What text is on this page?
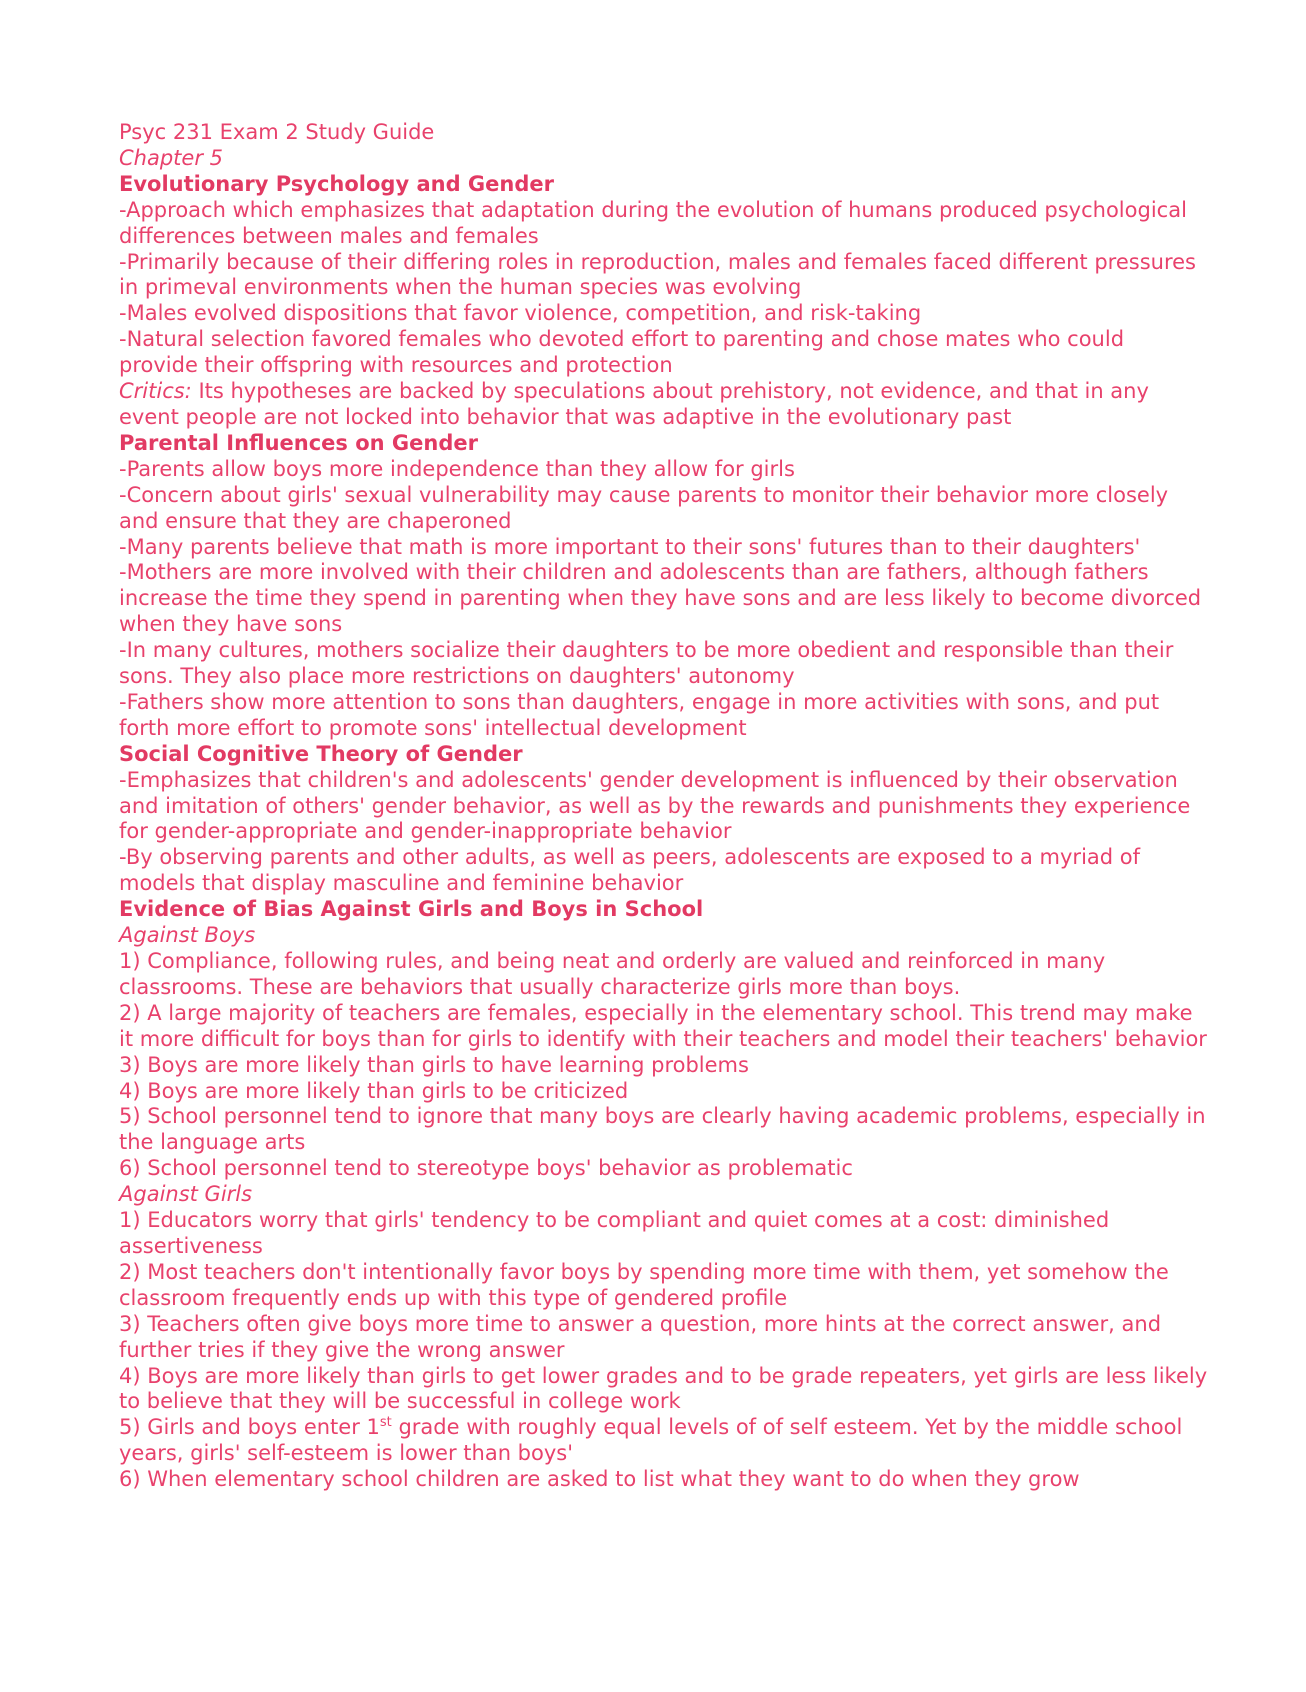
Psyc 231 Exam 2 Study Guide

Chapter 5

Evolutionary Psychology and Gender

-Approach which emphasizes that adaptation during the evolution of humans produced psychological differences between males and females

-Primarily because of their differing roles in reproduction, males and females faced different pressures in primeval environments when the human species was evolving

-Males evolved dispositions that favor violence, competition, and risk-taking

-Natural selection favored females who devoted effort to parenting and chose mates who could provide their offspring with resources and protection

Critics: Its hypotheses are backed by speculations about prehistory, not evidence, and that in any event people are not locked into behavior that was adaptive in the evolutionary past

Parental Influences on Gender

-Parents allow boys more independence than they allow for girls

-Concern about girls' sexual vulnerability may cause parents to monitor their behavior more closely and ensure that they are chaperoned

-Many parents believe that math is more important to their sons' futures than to their daughters'

-Mothers are more involved with their children and adolescents than are fathers, although fathers increase the time they spend in parenting when they have sons and are less likely to become divorced when they have sons

-In many cultures, mothers socialize their daughters to be more obedient and responsible than their sons. They also place more restrictions on daughters' autonomy

-Fathers show more attention to sons than daughters, engage in more activities with sons, and put forth more effort to promote sons' intellectual development

Social Cognitive Theory of Gender

-Emphasizes that children's and adolescents' gender development is influenced by their observation and imitation of others' gender behavior, as well as by the rewards and punishments they experience for gender-appropriate and gender-inappropriate behavior

-By observing parents and other adults, as well as peers, adolescents are exposed to a myriad of models that display masculine and feminine behavior

Evidence of Bias Against Girls and Boys in School

Against Boys

1) Compliance, following rules, and being neat and orderly are valued and reinforced in many classrooms. These are behaviors that usually characterize girls more than boys.

2) A large majority of teachers are females, especially in the elementary school. This trend may make it more difficult for boys than for girls to identify with their teachers and model their teachers' behavior

3) Boys are more likely than girls to have learning problems

4) Boys are more likely than girls to be criticized

5) School personnel tend to ignore that many boys are clearly having academic problems, especially in the language arts

6) School personnel tend to stereotype boys' behavior as problematic

Against Girls

1) Educators worry that girls' tendency to be compliant and quiet comes at a cost: diminished assertiveness

2) Most teachers don't intentionally favor boys by spending more time with them, yet somehow the classroom frequently ends up with this type of gendered profile

3) Teachers often give boys more time to answer a question, more hints at the correct answer, and further tries if they give the wrong answer

4) Boys are more likely than girls to get lower grades and to be grade repeaters, yet girls are less likely to believe that they will be successful in college work

5) Girls and boys enter 1st grade with roughly equal levels of of self esteem. Yet by the middle school years, girls' self-esteem is lower than boys'

6) When elementary school children are asked to list what they want to do when they grow
